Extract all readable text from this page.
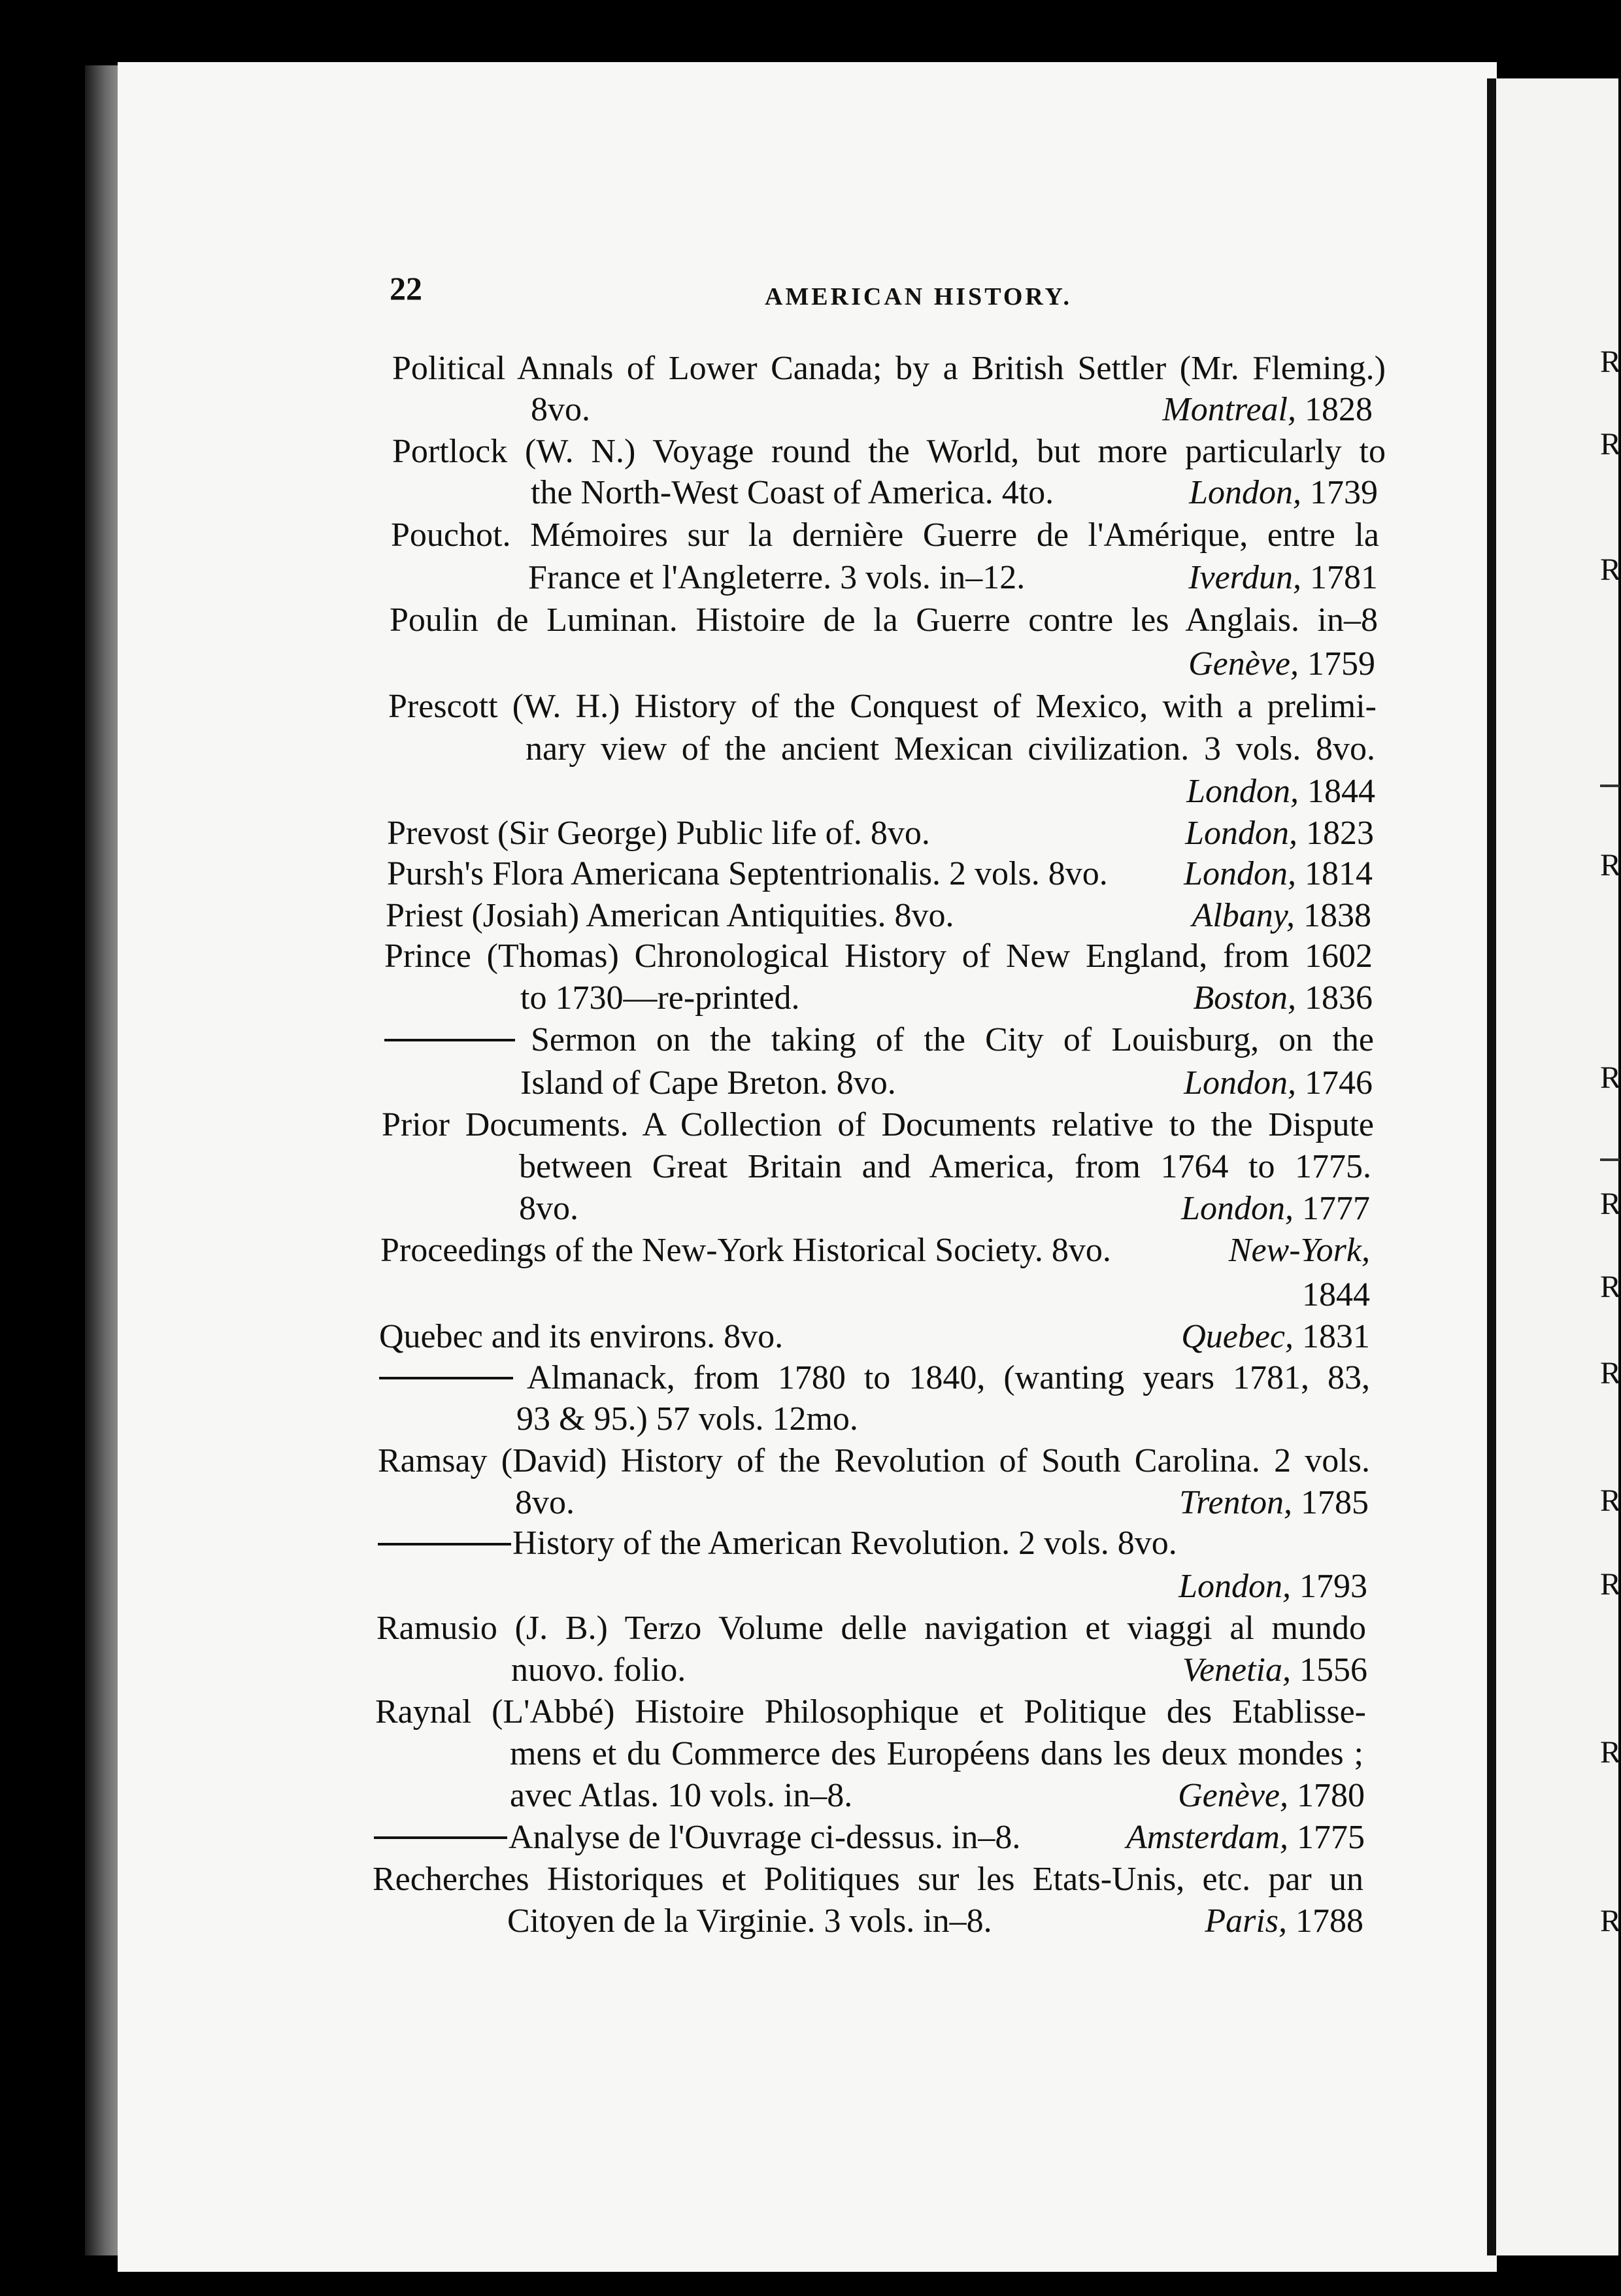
R
R
R
R
R
R
R
R
R
R
R
R
22	AMERICAN HISTORY.
Political Annals of Lower Canada; by a British Settler (Mr. Fleming.)
8vo.	Montreal, 1828
Portlock (W. N.) Voyage round the World, but more particularly to
the North-West Coast of America. 4to.	London, 1739
Pouchot. Mémoires sur la dernière Guerre de l'Amérique, entre la
France et l'Angleterre. 3 vols. in–12.	Iverdun, 1781
Poulin de Luminan. Histoire de la Guerre contre les Anglais. in–8
Genève, 1759
Prescott (W. H.) History of the Conquest of Mexico, with a prelimi-
nary view of the ancient Mexican civilization. 3 vols. 8vo.
London, 1844
Prevost (Sir George) Public life of. 8vo.	London, 1823
Pursh's Flora Americana Septentrionalis. 2 vols. 8vo. London, 1814
Priest (Josiah) American Antiquities. 8vo.	Albany, 1838
Prince (Thomas) Chronological History of New England, from 1602
to 1730—re-printed.	Boston, 1836
Sermon on the taking of the City of Louisburg, on the
Island of Cape Breton. 8vo.	London, 1746
Prior Documents. A Collection of Documents relative to the Dispute
between Great Britain and America, from 1764 to 1775.
8vo.	London, 1777
Proceedings of the New-York Historical Society. 8vo.	New-York,
1844
Quebec and its environs. 8vo.	Quebec, 1831
Almanack, from 1780 to 1840, (wanting years 1781, 83,
93 & 95.) 57 vols. 12mo.
Ramsay (David) History of the Revolution of South Carolina. 2 vols.
8vo.	Trenton, 1785
History of the American Revolution. 2 vols. 8vo.
London, 1793
Ramusio (J. B.) Terzo Volume delle navigation et viaggi al mundo
nuovo. folio.	Venetia, 1556
Raynal (L'Abbé) Histoire Philosophique et Politique des Etablisse-
mens et du Commerce des Européens dans les deux mondes ;
avec Atlas. 10 vols. in–8.	Genève, 1780
Analyse de l'Ouvrage ci-dessus. in–8.	Amsterdam, 1775
Recherches Historiques et Politiques sur les Etats-Unis, etc. par un
Citoyen de la Virginie. 3 vols. in–8.	Paris, 1788
